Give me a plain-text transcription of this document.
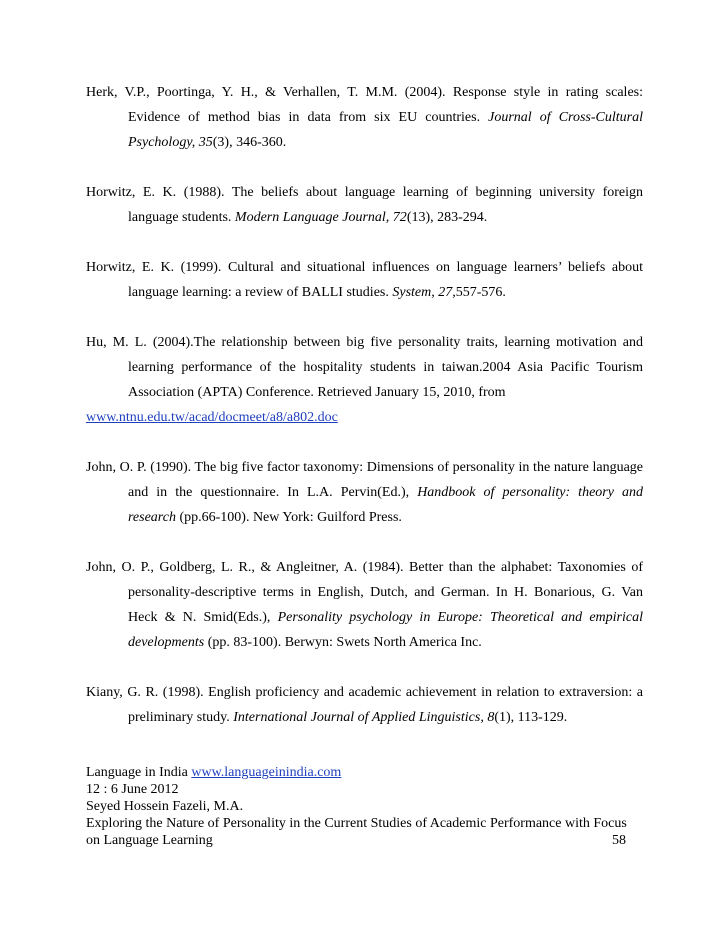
Herk, V.P., Poortinga, Y. H., & Verhallen, T. M.M. (2004). Response style in rating scales: Evidence of method bias in data from six EU countries. Journal of Cross-Cultural Psychology, 35(3), 346-360.

Horwitz, E. K. (1988). The beliefs about language learning of beginning university foreign language students. Modern Language Journal, 72(13), 283-294.

Horwitz, E. K. (1999). Cultural and situational influences on language learners’ beliefs about language learning: a review of BALLI studies. System, 27,557-576.

Hu, M. L. (2004).The relationship between big five personality traits, learning motivation and learning performance of the hospitality students in taiwan.2004 Asia Pacific Tourism Association (APTA) Conference. Retrieved January 15, 2010, from
www.ntnu.edu.tw/acad/docmeet/a8/a802.doc

John, O. P. (1990). The big five factor taxonomy: Dimensions of personality in the nature language and in the questionnaire. In L.A. Pervin(Ed.), Handbook of personality: theory and research (pp.66-100). New York: Guilford Press.

John, O. P., Goldberg, L. R., & Angleitner, A. (1984). Better than the alphabet: Taxonomies of personality-descriptive terms in English, Dutch, and German. In H. Bonarious, G. Van Heck & N. Smid(Eds.), Personality psychology in Europe: Theoretical and empirical developments (pp. 83-100). Berwyn: Swets North America Inc.

Kiany, G. R. (1998). English proficiency and academic achievement in relation to extraversion: a preliminary study. International Journal of Applied Linguistics, 8(1), 113-129.

Language in India www.languageinindia.com
12 : 6 June 2012
Seyed Hossein Fazeli, M.A.
Exploring the Nature of Personality in the Current Studies of Academic Performance with Focus
on Language Learning	58
